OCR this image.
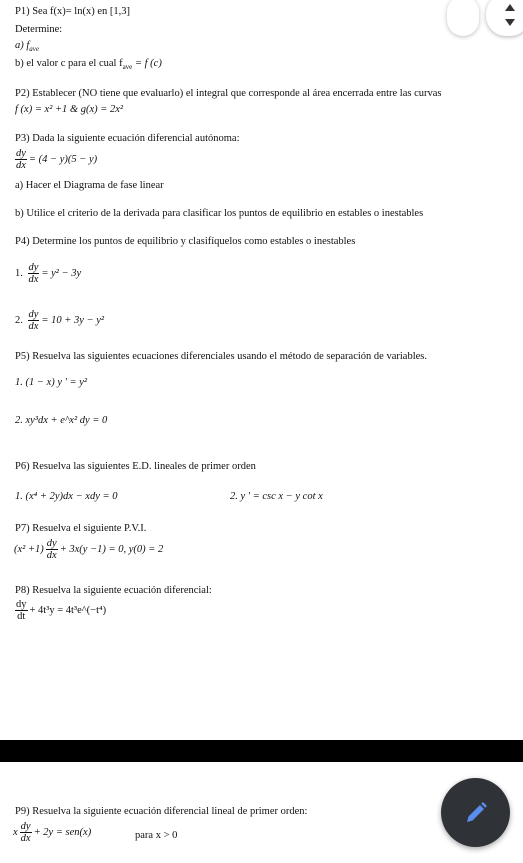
P1) Sea f(x)= ln(x) en [1,3]
Determine:
a) $f_{ave}$
b) el valor c para el cual $f_{ave} = f$ (c)
P2) Establecer (NO tiene que evaluarlo) el integral que corresponde al área encerrada entre las curvas
f (x) = x² +1 & g(x) = 2x²
P3) Dada la siguiente ecuación diferencial autónoma:
$\frac{dy}{dx} = (4 - y)(5 - y)$
a) Hacer el Diagrama de fase linear
b) Utilice el criterio de la derivada para clasificar los puntos de equilibrio en estables o inestables
P4) Determine los puntos de equilibrio y clasifíquelos como estables o inestables
1. $\frac{dy}{dx} = y^2 - 3y$
2. $\frac{dy}{dx} = 10 + 3y - y^2$
P5) Resuelva las siguientes ecuaciones diferenciales usando el método de separación de variables.
1. (1 − x) y ' = y²
2. xy³dx + e^x² dy = 0
P6) Resuelva las siguientes E.D. lineales de primer orden
1. (x⁴ + 2y)dx − xdy = 0	2. y ' = csc x − y cot x
P7) Resuelva el siguiente P.V.I.
$(x^2 +1) \frac{dy}{dx} + 3x(y -1) = 0$, y(0) = 2
P8) Resuelva la siguiente ecuación diferencial:
$\frac{dy}{dt} + 4t^3y$ = 4t³e^(−t⁴)
P9) Resuelva la siguiente ecuación diferencial lineal de primer orden:
x $\frac{dy}{dx} + 2y = sen(x)$	para x > 0
